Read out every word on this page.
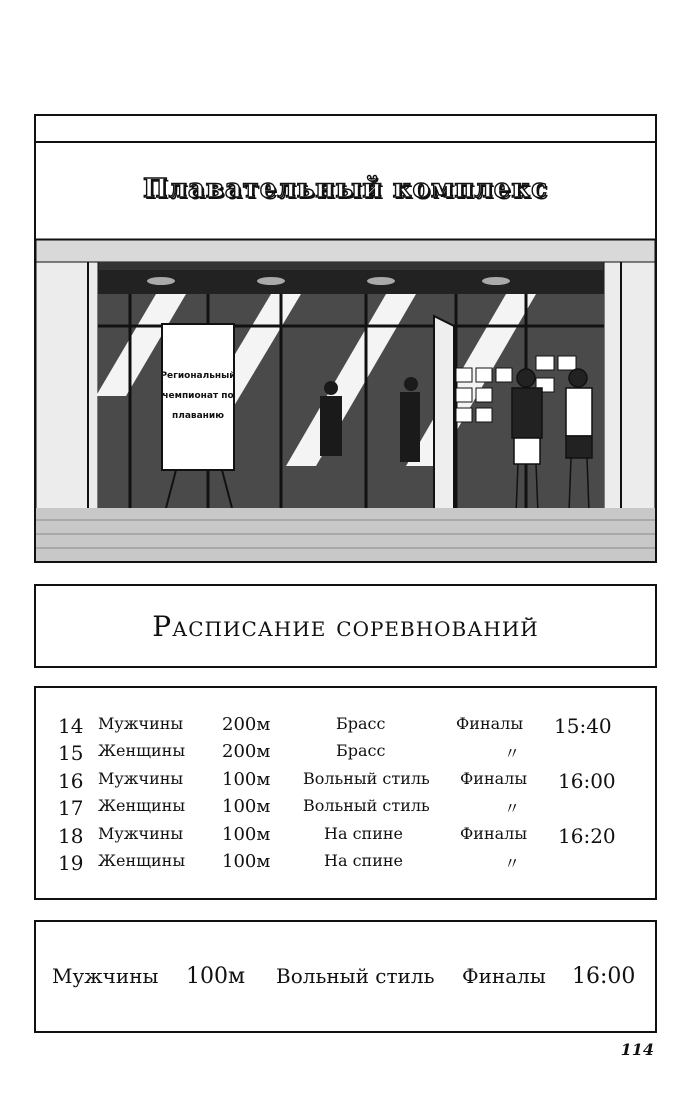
Плавательный комплекс
Региональный чемпионат по плаванию
Расписание соревнований
14 Мужчины 200м	Брасс	Финалы 15:40
15 Женщины 200м	Брасс	〃
16 Мужчины 100м Вольный стиль Финалы 16:00
17 Женщины 100м Вольный стиль	〃
18 Мужчины 100м	На спине	Финалы 16:20
19 Женщины 100м	На спине	〃
Мужчины 100м Вольный стиль Финалы 16:00
114
